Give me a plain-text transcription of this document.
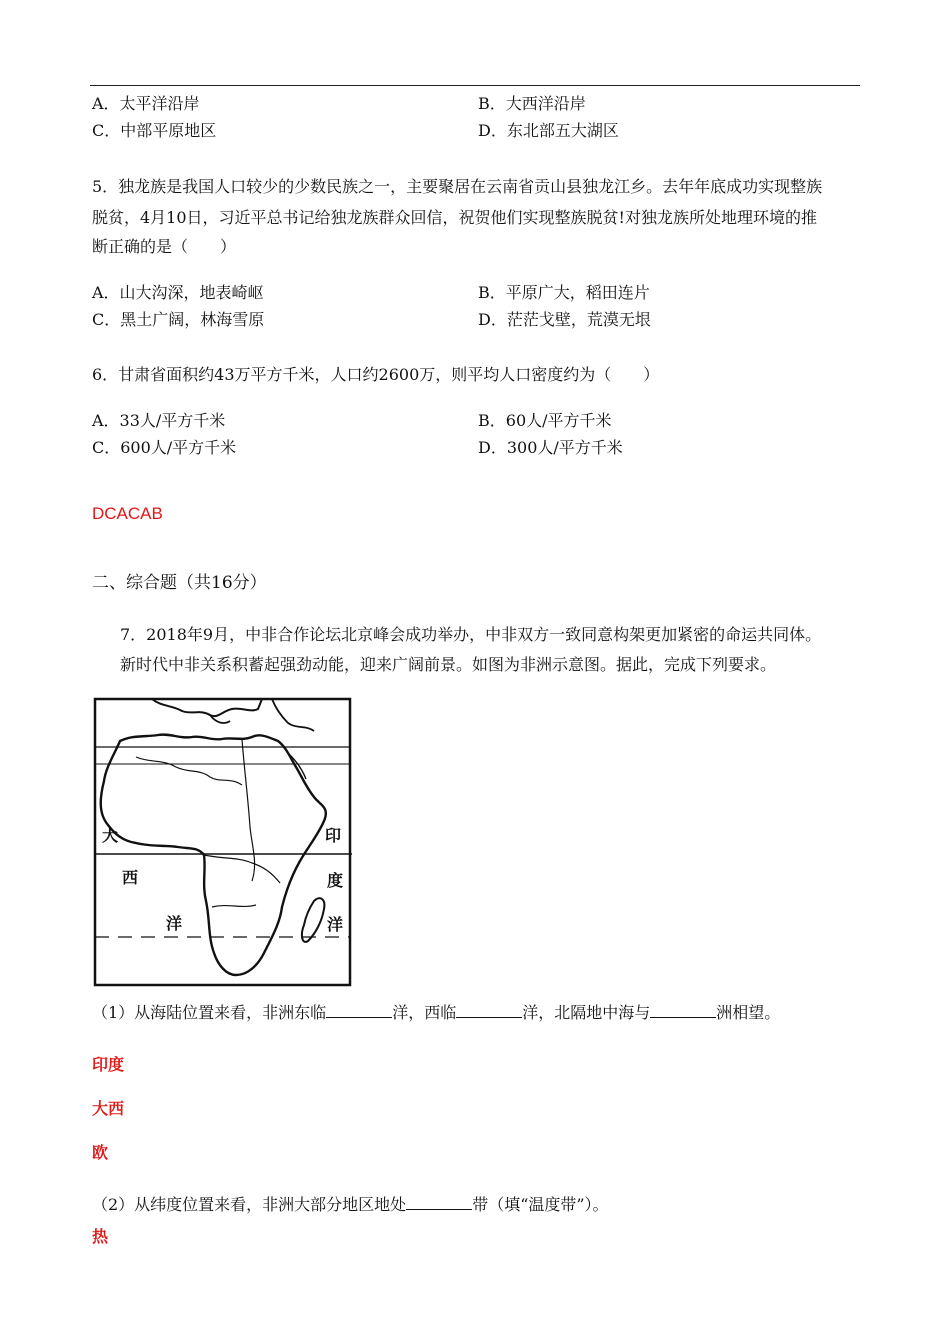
A．太平洋沿岸	B．大西洋沿岸
C．中部平原地区	D．东北部五大湖区
5．独龙族是我国人口较少的少数民族之一，主要聚居在云南省贡山县独龙江乡。去年年底成功实现整族
脱贫，4月10日，习近平总书记给独龙族群众回信，祝贺他们实现整族脱贫!对独龙族所处地理环境的推
断正确的是（　　）
A．山大沟深，地表崎岖	B．平原广大，稻田连片
C．黑土广阔，林海雪原	D．茫茫戈壁，荒漠无垠
6．甘肃省面积约43万平方千米，人口约2600万，则平均人口密度约为（　　）
A．33人/平方千米	B．60人/平方千米
C．600人/平方千米	D．300人/平方千米
DCACAB
二、综合题（共16分）
7．2018年9月，中非合作论坛北京峰会成功举办，中非双方一致同意构架更加紧密的命运共同体。
新时代中非关系积蓄起强劲动能，迎来广阔前景。如图为非洲示意图。据此，完成下列要求。
大
西
洋
印
度
洋
（1）从海陆位置来看，非洲东临	洋，西临	洋，北隔地中海与	洲相望。
印度
大西
欧
（2）从纬度位置来看，非洲大部分地区地处	带（填“温度带”）。
热
